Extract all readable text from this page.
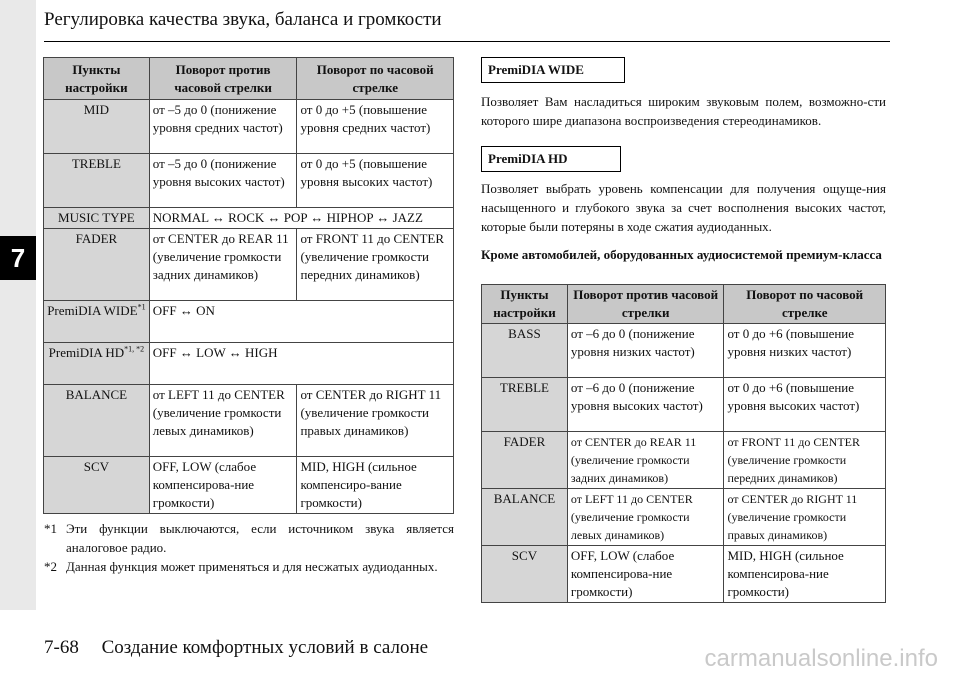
7
Регулировка качества звука, баланса и громкости
Пункты настройки	Поворот против часовой стрелки	Поворот по часовой стрелке
MID	от –5 до 0 (понижение уровня средних частот)	от 0 до +5 (повышение уровня средних частот)
TREBLE	от –5 до 0 (понижение уровня высоких частот)	от 0 до +5 (повышение уровня высоких частот)
MUSIC TYPE	NORMAL ↔ ROCK ↔ POP ↔ HIPHOP ↔ JAZZ	
FADER	от CENTER до REAR 11 (увеличение громкости задних динамиков)	от FRONT 11 до CENTER (увеличение громкости передних динамиков)
PremiDIA WIDE$^{*1}$	OFF ↔ ON	
PremiDIA $HD^{*1, *2}$	OFF ↔ LOW ↔ HIGH	
BALANCE	от LEFT 11 до CENTER (увеличение громкости левых динамиков)	от CENTER до RIGHT 11 (увеличение громкости правых динамиков)
SCV	OFF, LOW (слабое компенсирова-ние громкости)	MID, HIGH (сильное компенсиро-вание громкости)
*1 Эти функции выключаются, если источником звука является аналоговое радио.
*2 Данная функция может применяться и для несжатых аудиоданных.
PremiDIA WIDE
Позволяет Вам насладиться широким звуковым полем, возможно-сти которого шире диапазона воспроизведения стереодинамиков.
PremiDIA HD
Позволяет выбрать уровень компенсации для получения ощуще-ния насыщенного и глубокого звука за счет восполнения высоких частот, которые были потеряны в ходе сжатия аудиоданных.
Кроме автомобилей, оборудованных аудиосистемой премиум-класса
Пункты настройки	Поворот против часовой стрелки	Поворот по часовой стрелке
BASS	от –6 до 0 (понижение уровня низких частот)	от 0 до +6 (повышение уровня низких частот)
TREBLE	от –6 до 0 (понижение уровня высоких частот)	от 0 до +6 (повышение уровня высоких частот)
FADER	от CENTER до REAR 11 (увеличение громкости задних динамиков)	от FRONT 11 до CENTER (увеличение громкости передних динамиков)
BALANCE	от LEFT 11 до CENTER (увеличение громкости левых динамиков)	от CENTER до RIGHT 11 (увеличение громкости правых динамиков)
SCV	OFF, LOW (слабое компенсирова-ние громкости)	MID, HIGH (сильное компенсирова-ние громкости)
7-68 Создание комфортных условий в салоне	carmanualsonline.info
